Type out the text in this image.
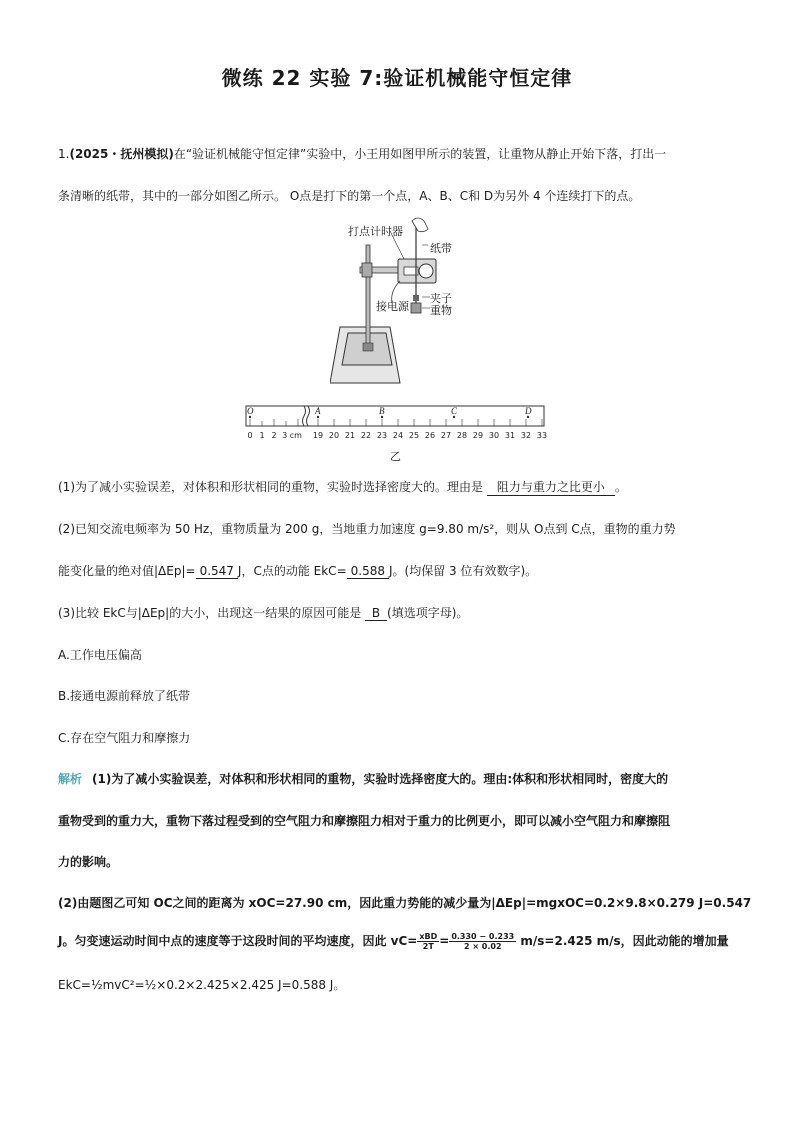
微练 22 实验 7:验证机械能守恒定律
1.(2025・抚州模拟)在“验证机械能守恒定律”实验中，小王用如图甲所示的装置，让重物从静止开始下落，打出一
条清晰的纸带，其中的一部分如图乙所示。 O点是打下的第一个点，A、B、C和 D为另外 4 个连续打下的点。
打点计时器
纸带
夹子
接电源 重物
O	A	B	C	D
0 1 2 3 cm 19 20 21 22 23 24 25 26 27 28 29 30 31 32 33
乙
(1)为了减小实验误差，对体积和形状相同的重物，实验时选择密度大的。理由是 阻力与重力之比更小 。
(2)已知交流电频率为 50 Hz，重物质量为 200 g，当地重力加速度 g=9.80 m/s²，则从 O点到 C点，重物的重力势
能变化量的绝对值|ΔEp|= 0.547 J，C点的动能 EkC= 0.588 J。(均保留 3 位有效数字)。
(3)比较 EkC与|ΔEp|的大小，出现这一结果的原因可能是 B (填选项字母)。
A.工作电压偏高
B.接通电源前释放了纸带
C.存在空气阻力和摩擦力
解析 (1)为了减小实验误差，对体积和形状相同的重物，实验时选择密度大的。理由:体积和形状相同时，密度大的
重物受到的重力大，重物下落过程受到的空气阻力和摩擦阻力相对于重力的比例更小，即可以减小空气阻力和摩擦阻
力的影响。
(2)由题图乙可知 OC之间的距离为 xOC=27.90 cm，因此重力势能的减少量为|ΔEp|=mgxOC=0.2×9.8×0.279 J=0.547
J。匀变速运动时间中点的速度等于这段时间的平均速度，因此 $vC= \frac{\text{xBD}}{2T} = \frac{0.330 - 0.233}{2 \times 0.02} m/s=2.425$ m/s，因此动能的增加量
EkC=½mvC²=½×0.2×2.425×2.425 J=0.588 J。
